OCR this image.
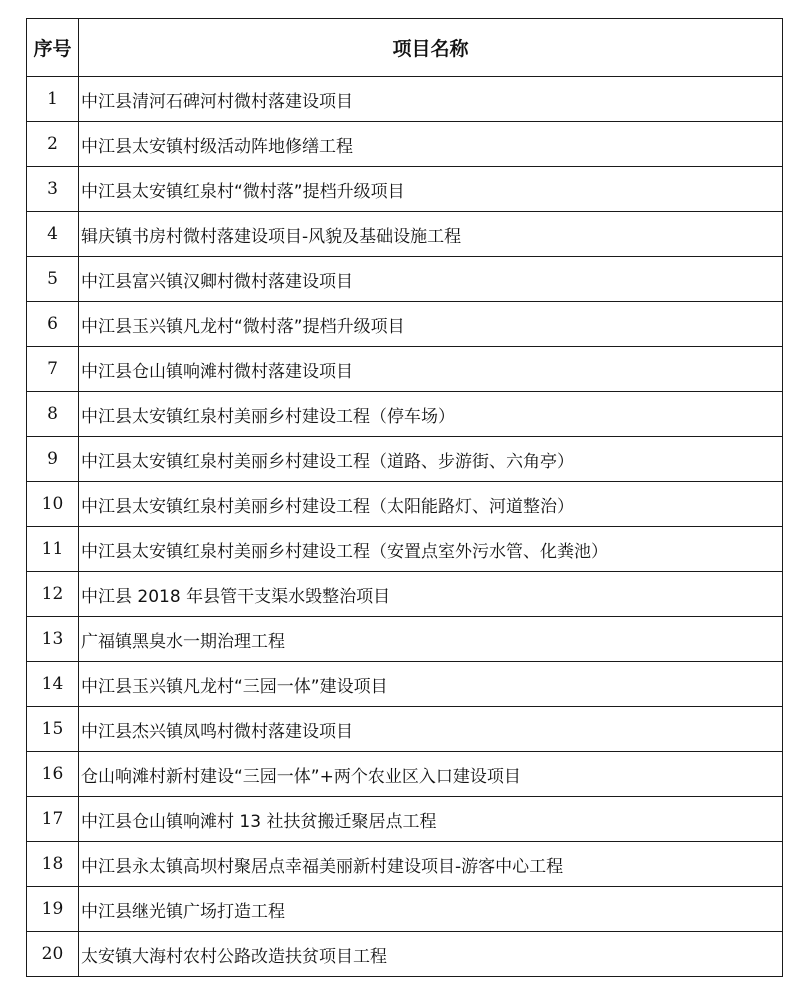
序号	项目名称
1	中江县清河石碑河村微村落建设项目
2	中江县太安镇村级活动阵地修缮工程
3	中江县太安镇红泉村“微村落”提档升级项目
4	辑庆镇书房村微村落建设项目-风貌及基础设施工程
5	中江县富兴镇汉卿村微村落建设项目
6	中江县玉兴镇凡龙村“微村落”提档升级项目
7	中江县仓山镇响滩村微村落建设项目
8	中江县太安镇红泉村美丽乡村建设工程（停车场）
9	中江县太安镇红泉村美丽乡村建设工程（道路、步游街、六角亭）
10	中江县太安镇红泉村美丽乡村建设工程（太阳能路灯、河道整治）
11	中江县太安镇红泉村美丽乡村建设工程（安置点室外污水管、化粪池）
12	中江县 2018 年县管干支渠水毁整治项目
13	广福镇黑臭水一期治理工程
14	中江县玉兴镇凡龙村“三园一体”建设项目
15	中江县杰兴镇凤鸣村微村落建设项目
16	仓山响滩村新村建设“三园一体”+两个农业区入口建设项目
17	中江县仓山镇响滩村 13 社扶贫搬迁聚居点工程
18	中江县永太镇高坝村聚居点幸福美丽新村建设项目-游客中心工程
19	中江县继光镇广场打造工程
20	太安镇大海村农村公路改造扶贫项目工程
